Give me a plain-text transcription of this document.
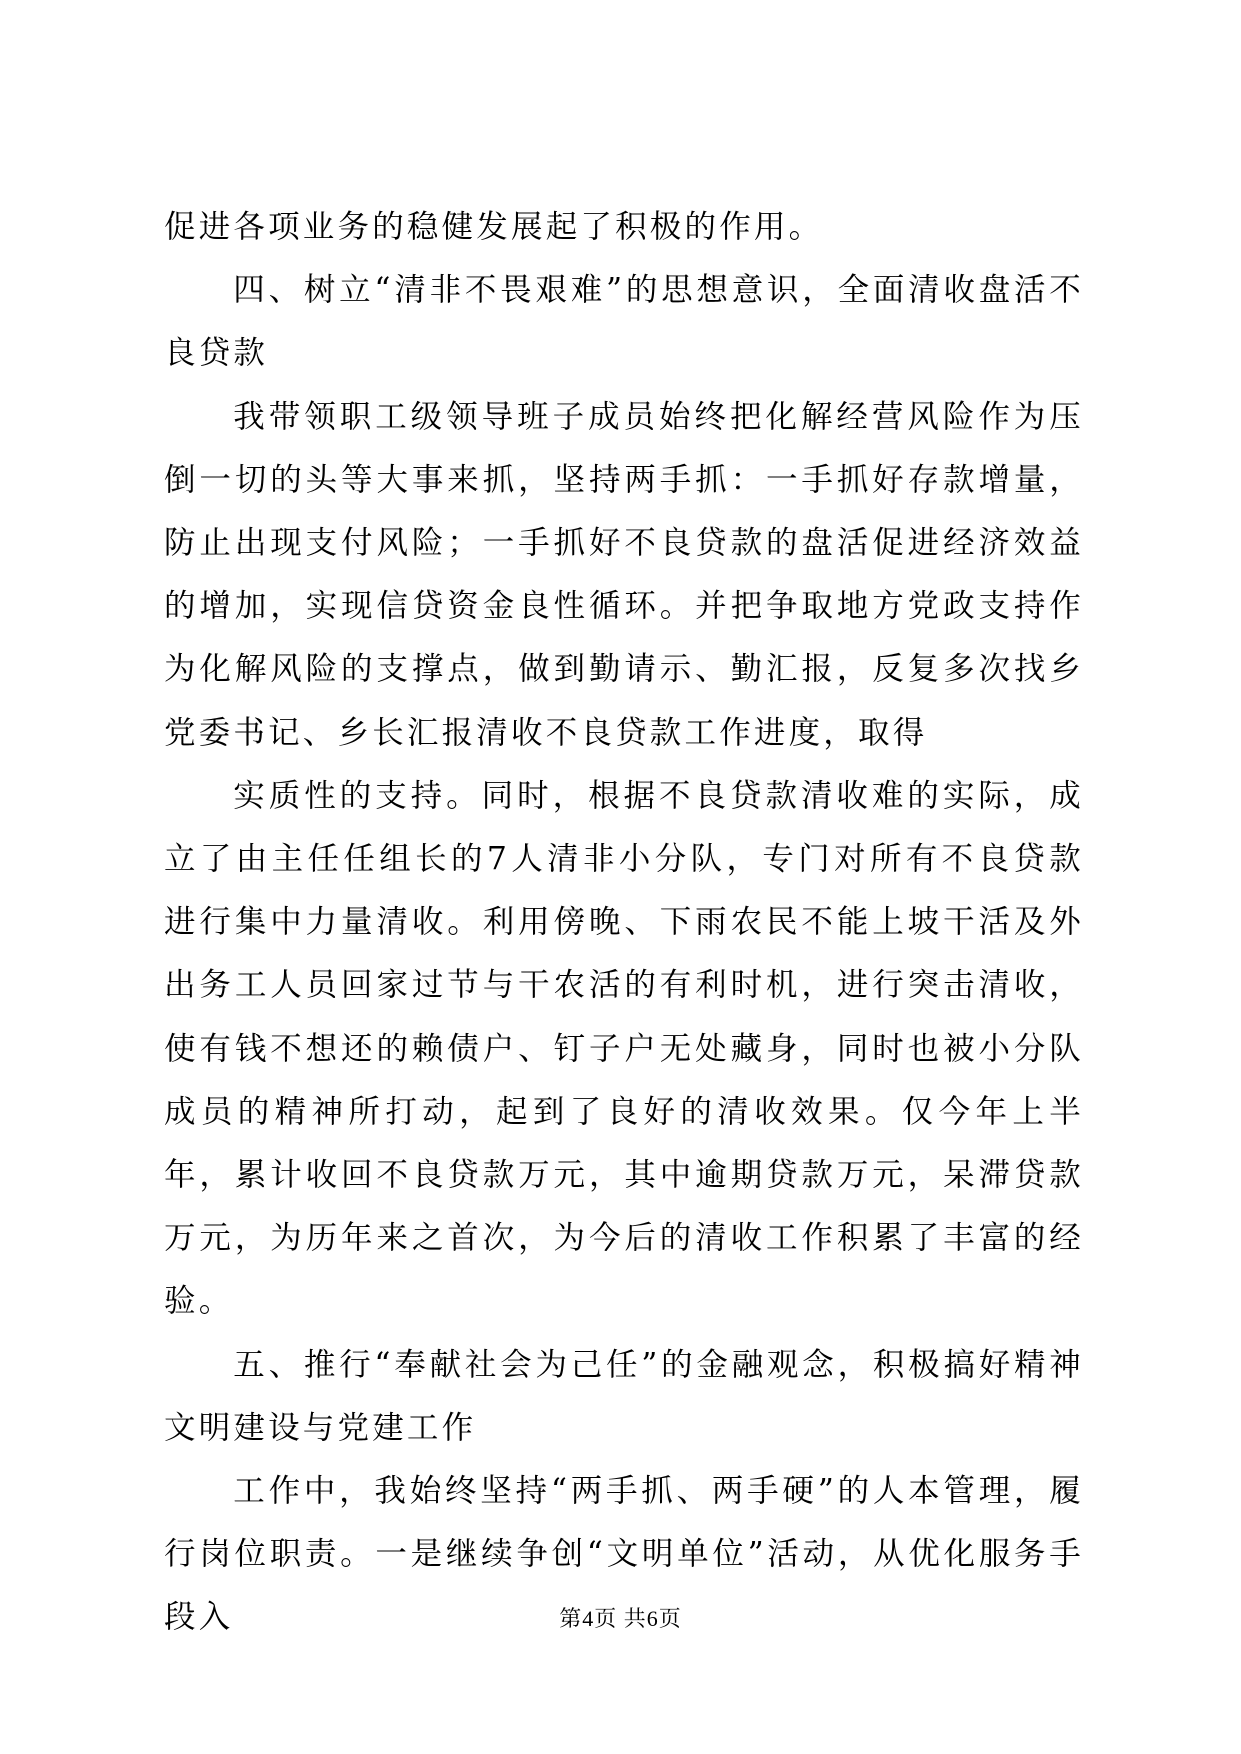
促进各项业务的稳健发展起了积极的作用。

四、树立“清非不畏艰难”的思想意识，全面清收盘活不良贷款

我带领职工级领导班子成员始终把化解经营风险作为压倒一切的头等大事来抓，坚持两手抓：一手抓好存款增量，防止出现支付风险；一手抓好不良贷款的盘活促进经济效益的增加，实现信贷资金良性循环。并把争取地方党政支持作为化解风险的支撑点，做到勤请示、勤汇报，反复多次找乡党委书记、乡长汇报清收不良贷款工作进度，取得

实质性的支持。同时，根据不良贷款清收难的实际，成立了由主任任组长的7人清非小分队，专门对所有不良贷款进行集中力量清收。利用傍晚、下雨农民不能上坡干活及外出务工人员回家过节与干农活的有利时机，进行突击清收，使有钱不想还的赖债户、钉子户无处藏身，同时也被小分队成员的精神所打动，起到了良好的清收效果。仅今年上半年，累计收回不良贷款万元，其中逾期贷款万元，呆滞贷款万元，为历年来之首次，为今后的清收工作积累了丰富的经验。

五、推行“奉献社会为己任”的金融观念，积极搞好精神文明建设与党建工作

工作中，我始终坚持“两手抓、两手硬”的人本管理，履行岗位职责。一是继续争创“文明单位”活动，从优化服务手段入	第4页 共6页
